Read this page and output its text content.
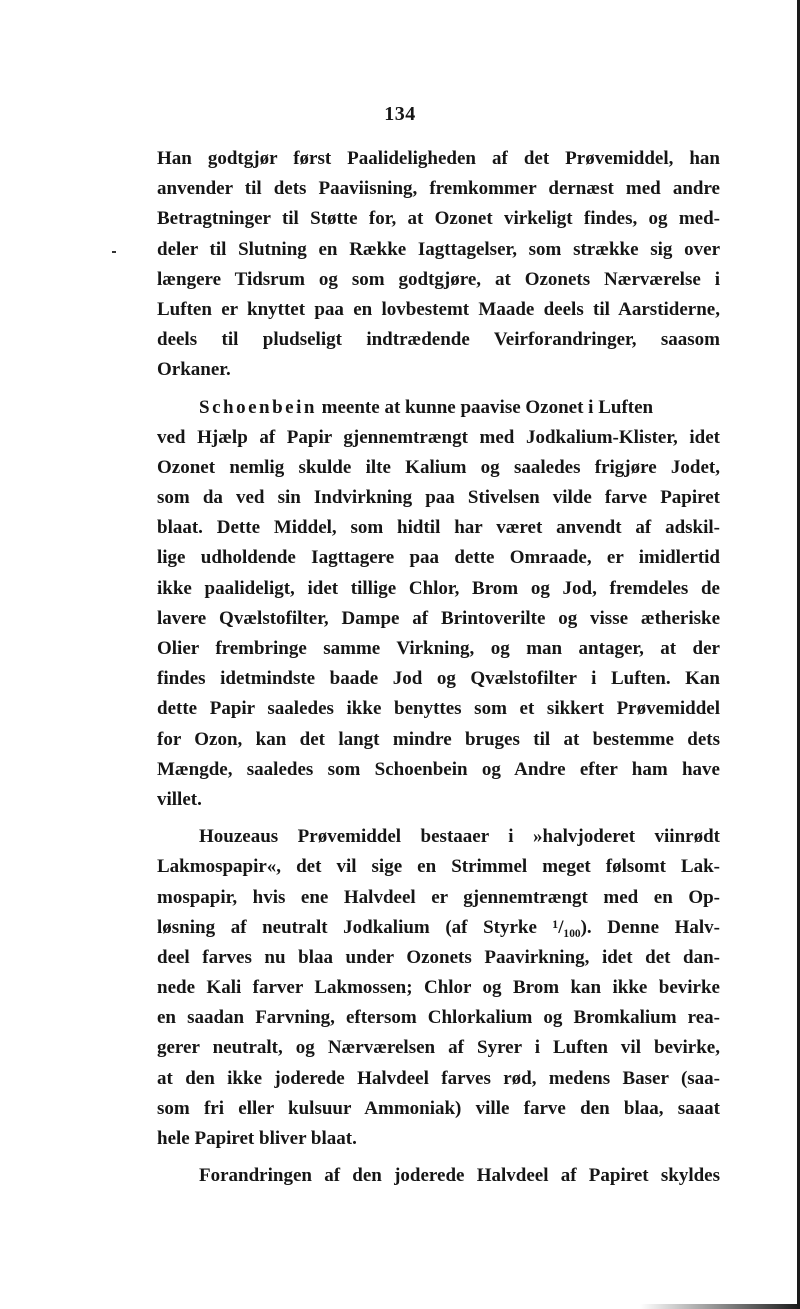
134
Han godtgjør først Paalideligheden af det Prøvemiddel, han
anvender til dets Paaviisning, fremkommer dernæst med andre
Betragtninger til Støtte for, at Ozonet virkeligt findes, og med-
deler til Slutning en Række Iagttagelser, som strække sig over
længere Tidsrum og som godtgjøre, at Ozonets Nærværelse i
Luften er knyttet paa en lovbestemt Maade deels til Aarstiderne,
deels til pludseligt indtrædende Veirforandringer, saasom
Orkaner.
Schoenbein meente at kunne paavise Ozonet i Luften
ved Hjælp af Papir gjennemtrængt med Jodkalium-Klister, idet
Ozonet nemlig skulde ilte Kalium og saaledes frigjøre Jodet,
som da ved sin Indvirkning paa Stivelsen vilde farve Papiret
blaat. Dette Middel, som hidtil har været anvendt af adskil-
lige udholdende Iagttagere paa dette Omraade, er imidlertid
ikke paalideligt, idet tillige Chlor, Brom og Jod, fremdeles de
lavere Qvælstofilter, Dampe af Brintoverilte og visse ætheriske
Olier frembringe samme Virkning, og man antager, at der
findes idetmindste baade Jod og Qvælstofilter i Luften. Kan
dette Papir saaledes ikke benyttes som et sikkert Prøvemiddel
for Ozon, kan det langt mindre bruges til at bestemme dets
Mængde, saaledes som Schoenbein og Andre efter ham have
villet.
Houzeaus Prøvemiddel bestaaer i »halvjoderet viinrødt
Lakmospapir«, det vil sige en Strimmel meget følsomt Lak-
mospapir, hvis ene Halvdeel er gjennemtrængt med en Op-
løsning af neutralt Jodkalium (af Styrke ¹/₁₀₀). Denne Halv-
deel farves nu blaa under Ozonets Paavirkning, idet det dan-
nede Kali farver Lakmossen; Chlor og Brom kan ikke bevirke
en saadan Farvning, eftersom Chlorkalium og Bromkalium rea-
gerer neutralt, og Nærværelsen af Syrer i Luften vil bevirke,
at den ikke joderede Halvdeel farves rød, medens Baser (saa-
som fri eller kulsuur Ammoniak) ville farve den blaa, saaat
hele Papiret bliver blaat.
Forandringen af den joderede Halvdeel af Papiret skyldes
